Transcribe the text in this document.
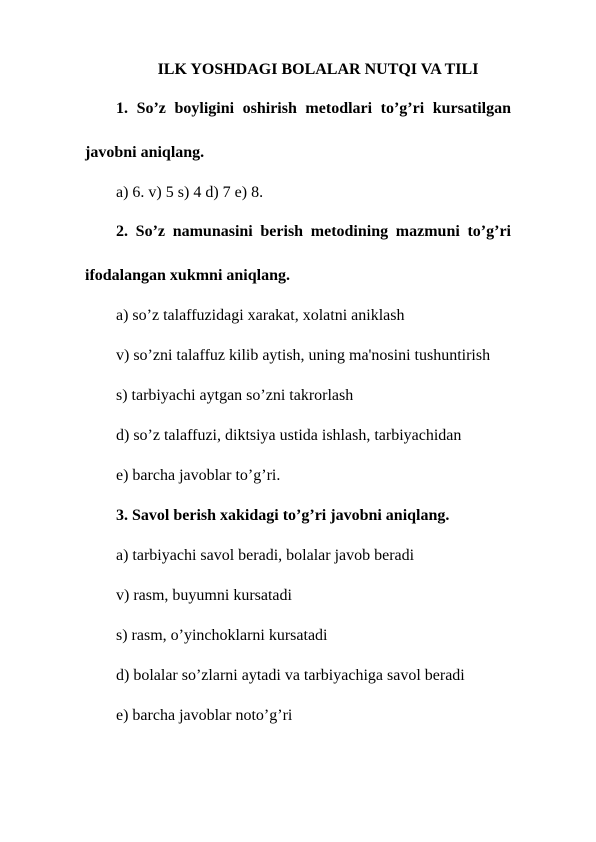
ILK YOSHDAGI BOLALAR NUTQI VA TILI
1. So’z boyligini oshirish metodlari to’g’ri kursatilgan
javobni aniqlang.
a) 6. v) 5 s) 4 d) 7 e) 8.
2. So’z namunasini berish metodining mazmuni to’g’ri
ifodalangan xukmni aniqlang.
a) so’z talaffuzidagi xarakat, xolatni aniklash
v) so’zni talaffuz kilib aytish, uning ma'nosini tushuntirish
s) tarbiyachi aytgan so’zni takrorlash
d) so’z talaffuzi, diktsiya ustida ishlash, tarbiyachidan
e) barcha javoblar to’g’ri.
3. Savol berish xakidagi to’g’ri javobni aniqlang.
a) tarbiyachi savol beradi, bolalar javob beradi
v) rasm, buyumni kursatadi
s) rasm, o’yinchoklarni kursatadi
d) bolalar so’zlarni aytadi va tarbiyachiga savol beradi
e) barcha javoblar noto’g’ri
